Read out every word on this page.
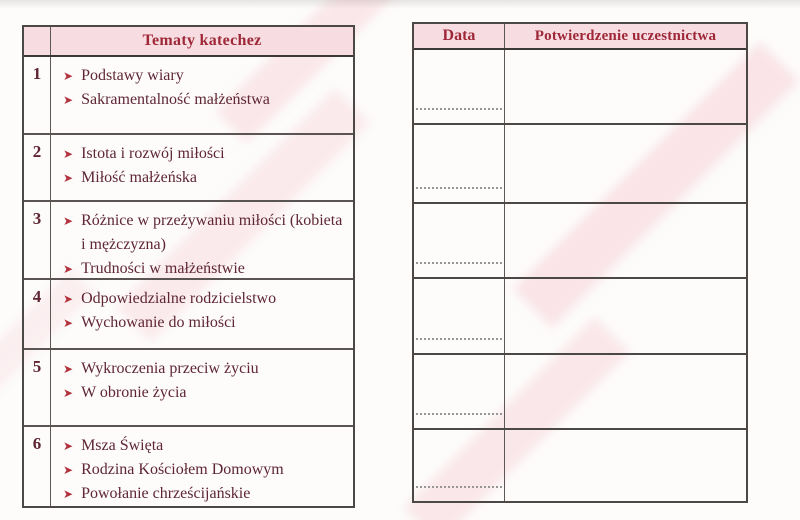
Tematy katechez
1	➤ Podstawy wiary
➤ Sakramentalność małżeństwa
2	➤ Istota i rozwój miłości
➤ Miłość małżeńska
3	➤ Różnice w przeżywaniu miłości (kobieta i mężczyzna)
➤ Trudności w małżeństwie
4	➤ Odpowiedzialne rodzicielstwo
➤ Wychowanie do miłości
5	➤ Wykroczenia przeciw życiu
➤ W obronie życia
6	➤ Msza Święta
➤ Rodzina Kościołem Domowym
➤ Powołanie chrześcijańskie
Data	Potwierdzenie uczestnictwa
